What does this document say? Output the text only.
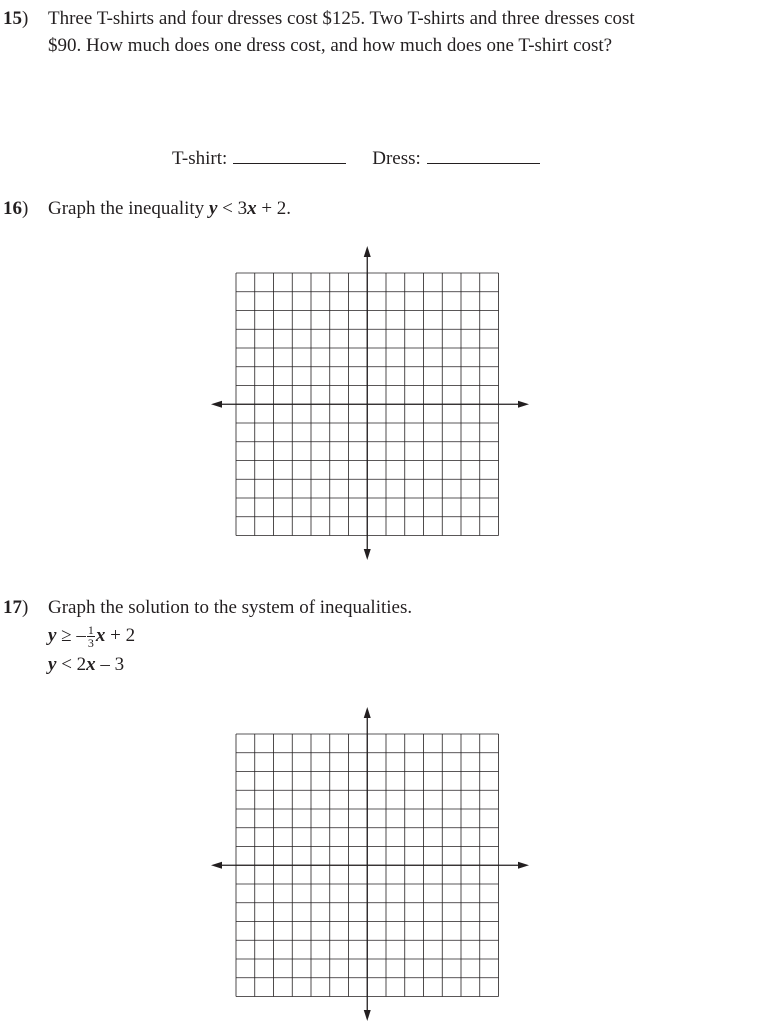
15) Three T-shirts and four dresses cost $125. Two T-shirts and three dresses cost
$90. How much does one dress cost, and how much does one T-shirt cost?
T-shirt:	Dress:
16) Graph the inequality y < 3x + 2.
17) Graph the solution to the system of inequalities.
y ≥ – $\frac{1}{3}$ x + 2
y < 2x – 3
